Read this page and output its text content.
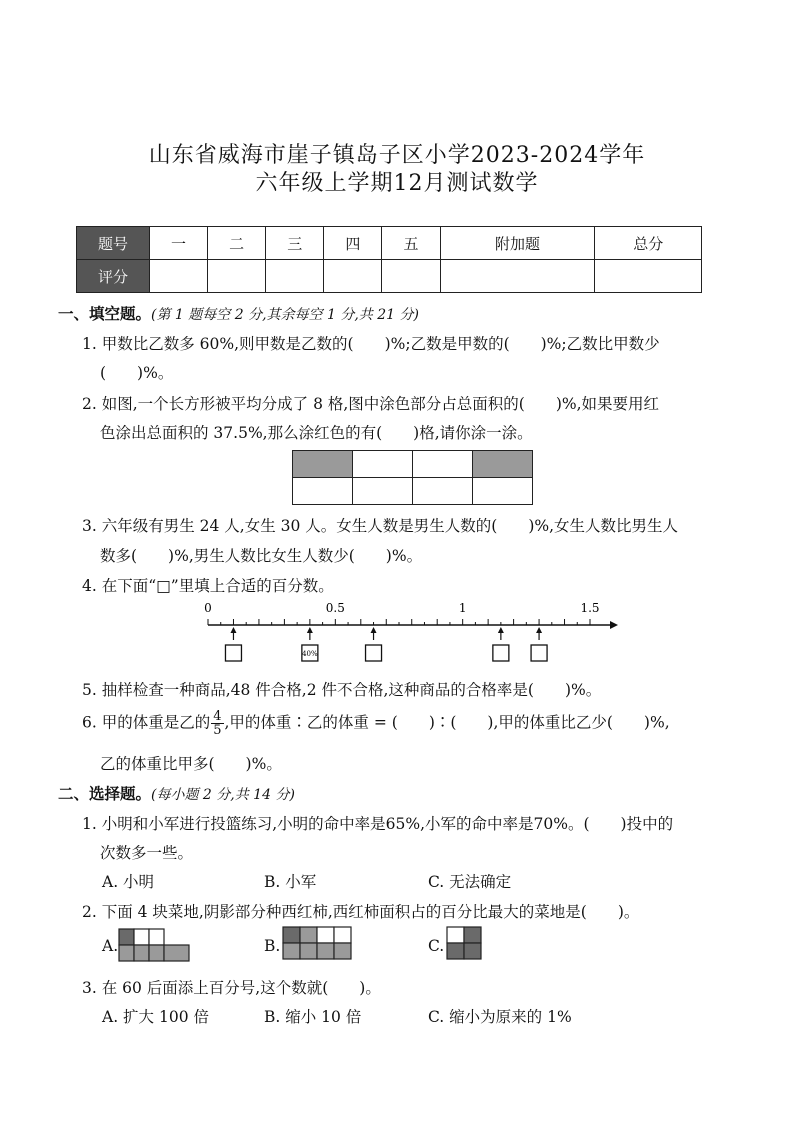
山东省威海市崖子镇岛子区小学2023-2024学年
六年级上学期12月测试数学
题号	一	二	三	四	五	附加题	总分
评分							
一、填空题。(第 1 题每空 2 分,其余每空 1 分,共 21 分)
1. 甲数比乙数多 60%,则甲数是乙数的(　　)%;乙数是甲数的(　　)%;乙数比甲数少
(　　)%。
2. 如图,一个长方形被平均分成了 8 格,图中涂色部分占总面积的(　　)%,如果要用红
色涂出总面积的 37.5%,那么涂红色的有(　　)格,请你涂一涂。

3. 六年级有男生 24 人,女生 30 人。女生人数是男生人数的(　　)%,女生人数比男生人
数多(　　)%,男生人数比女生人数少(　　)%。
4. 在下面“□”里填上合适的百分数。
0	0.5	1	1.5
40%
5. 抽样检查一种商品,48 件合格,2 件不合格,这种商品的合格率是(　　)%。
6. 甲的体重是乙的 $\frac{4}{5}$ ,甲的体重∶乙的体重 = (　　)∶(　　),甲的体重比乙少(　　)%,
乙的体重比甲多(　　)%。
二、选择题。(每小题 2 分,共 14 分)
1. 小明和小军进行投篮练习,小明的命中率是65%,小军的命中率是70%。(　　)投中的
次数多一些。
A. 小明	B. 小军	C. 无法确定
2. 下面 4 块菜地,阴影部分种西红柿,西红柿面积占的百分比最大的菜地是(　　)。
A.	B.	C.
3. 在 60 后面添上百分号,这个数就(　　)。
A. 扩大 100 倍	B. 缩小 10 倍	C. 缩小为原来的 1%
